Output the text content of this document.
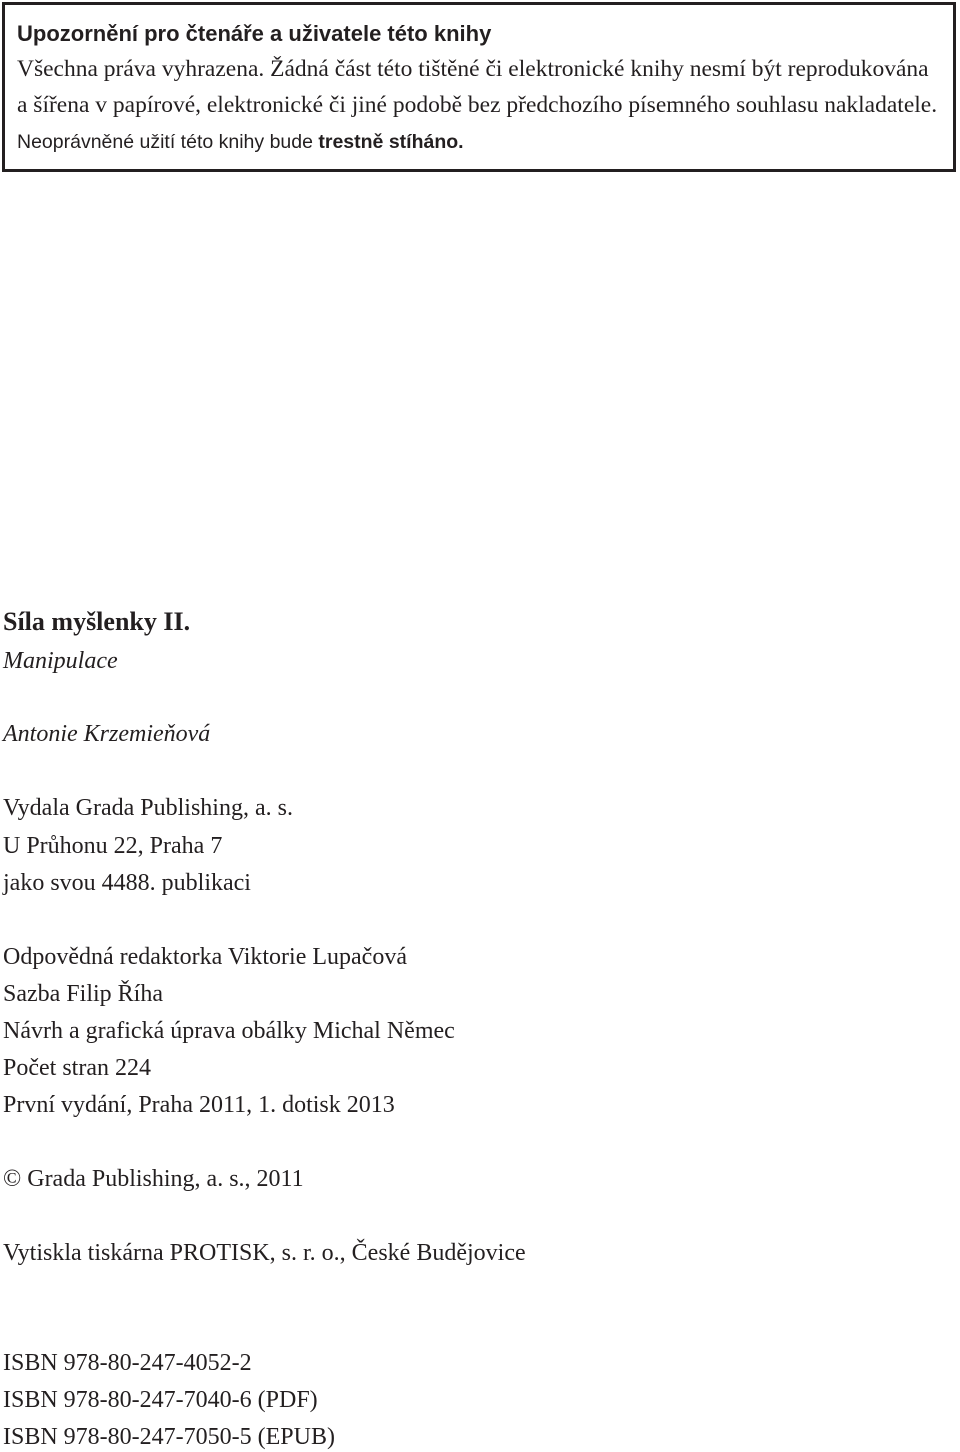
Upozornění pro čtenáře a uživatele této knihy

Všechna práva vyhrazena. Žádná část této tištěné či elektronické knihy nesmí být reprodukována a šířena v papírové, elektronické či jiné podobě bez předchozího písemného souhlasu nakladatele. Neoprávněné užití této knihy bude trestně stíháno.

Síla myšlenky II.

Manipulace

Antonie Krzemieňová

Vydala Grada Publishing, a. s.

U Průhonu 22, Praha 7

jako svou 4488. publikaci

Odpovědná redaktorka Viktorie Lupačová

Sazba Filip Říha

Návrh a grafická úprava obálky Michal Němec

Počet stran 224

První vydání, Praha 2011, 1. dotisk 2013

© Grada Publishing, a. s., 2011

Vytiskla tiskárna PROTISK, s. r. o., České Budějovice

ISBN 978-80-247-4052-2

ISBN 978-80-247-7040-6 (PDF)

ISBN 978-80-247-7050-5 (EPUB)
